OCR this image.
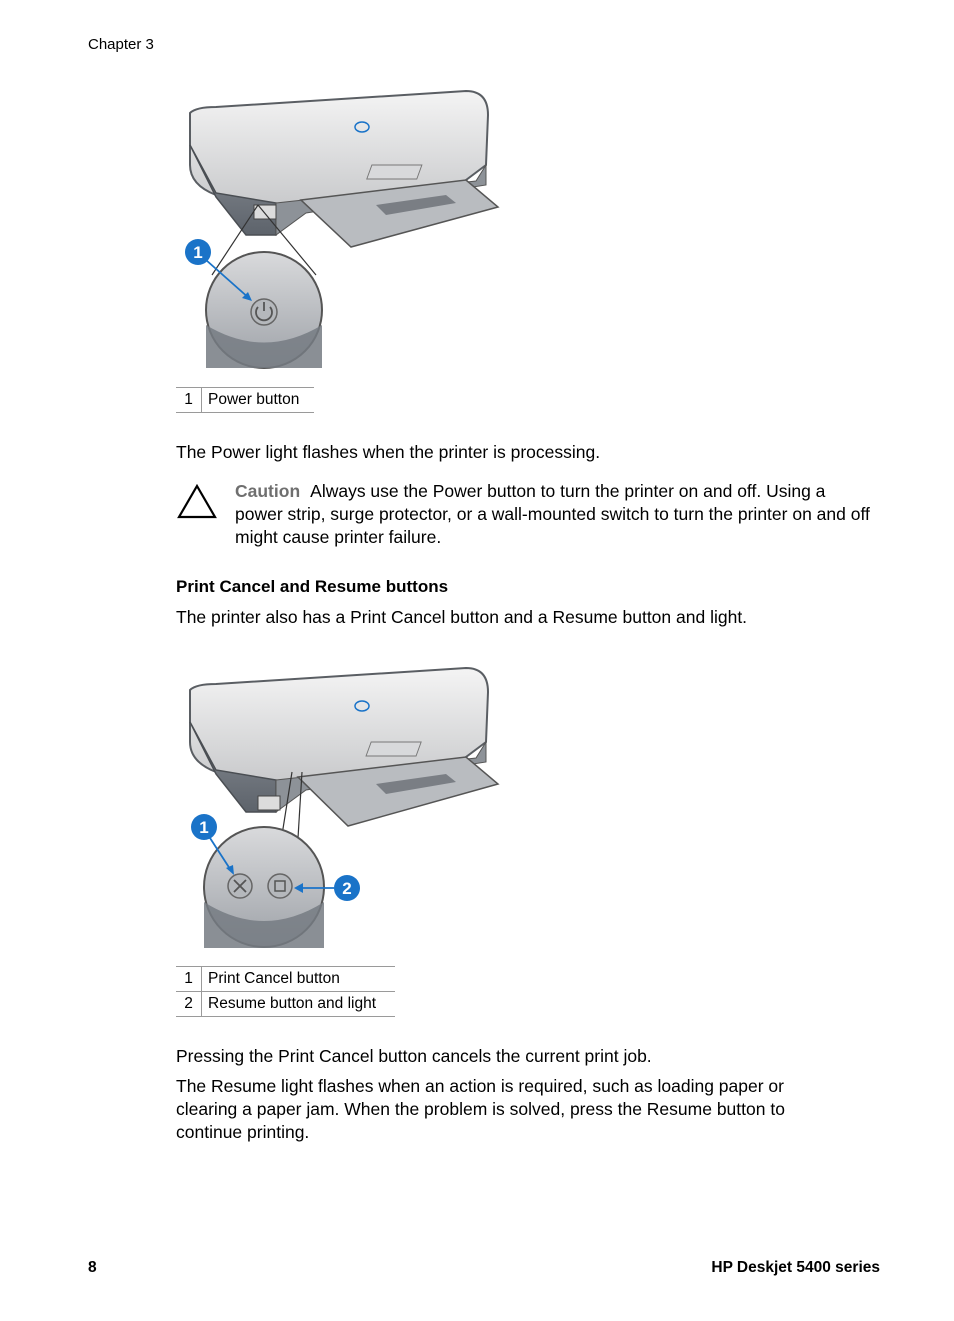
Chapter 3
1
1	Power button
The Power light flashes when the printer is processing.
Caution Always use the Power button to turn the printer on and off. Using a power strip, surge protector, or a wall-mounted switch to turn the printer on and off might cause printer failure.
Print Cancel and Resume buttons
The printer also has a Print Cancel button and a Resume button and light.
1
2
1	Print Cancel button
2	Resume button and light
Pressing the Print Cancel button cancels the current print job.
The Resume light flashes when an action is required, such as loading paper or clearing a paper jam. When the problem is solved, press the Resume button to continue printing.
8	HP Deskjet 5400 series
